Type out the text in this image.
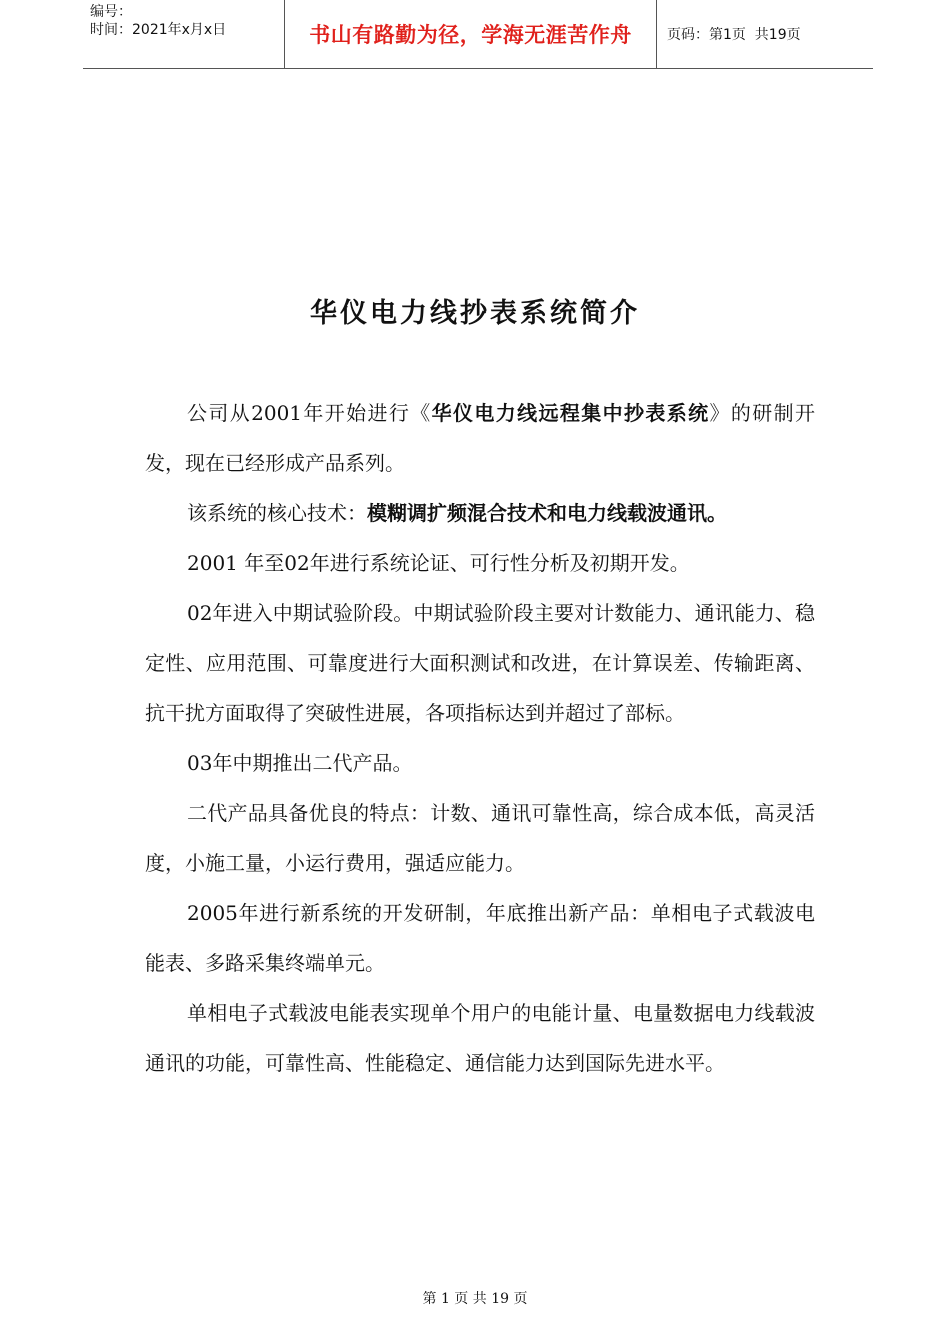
编号：
时间：2021年x月x日	书山有路勤为径，学海无涯苦作舟	页码：第1页  共19页
华仪电力线抄表系统简介

公司从2001年开始进行《华仪电力线远程集中抄表系统》的研制开发，现在已经形成产品系列。

该系统的核心技术：模糊调扩频混合技术和电力线载波通讯。

2001 年至02年进行系统论证、可行性分析及初期开发。

02年进入中期试验阶段。中期试验阶段主要对计数能力、通讯能力、稳定性、应用范围、可靠度进行大面积测试和改进，在计算误差、传输距离、抗干扰方面取得了突破性进展，各项指标达到并超过了部标。

03年中期推出二代产品。

二代产品具备优良的特点：计数、通讯可靠性高，综合成本低，高灵活度，小施工量，小运行费用，强适应能力。

2005年进行新系统的开发研制，年底推出新产品：单相电子式载波电能表、多路采集终端单元。

单相电子式载波电能表实现单个用户的电能计量、电量数据电力线载波通讯的功能，可靠性高、性能稳定、通信能力达到国际先进水平。

第 1 页 共 19 页
